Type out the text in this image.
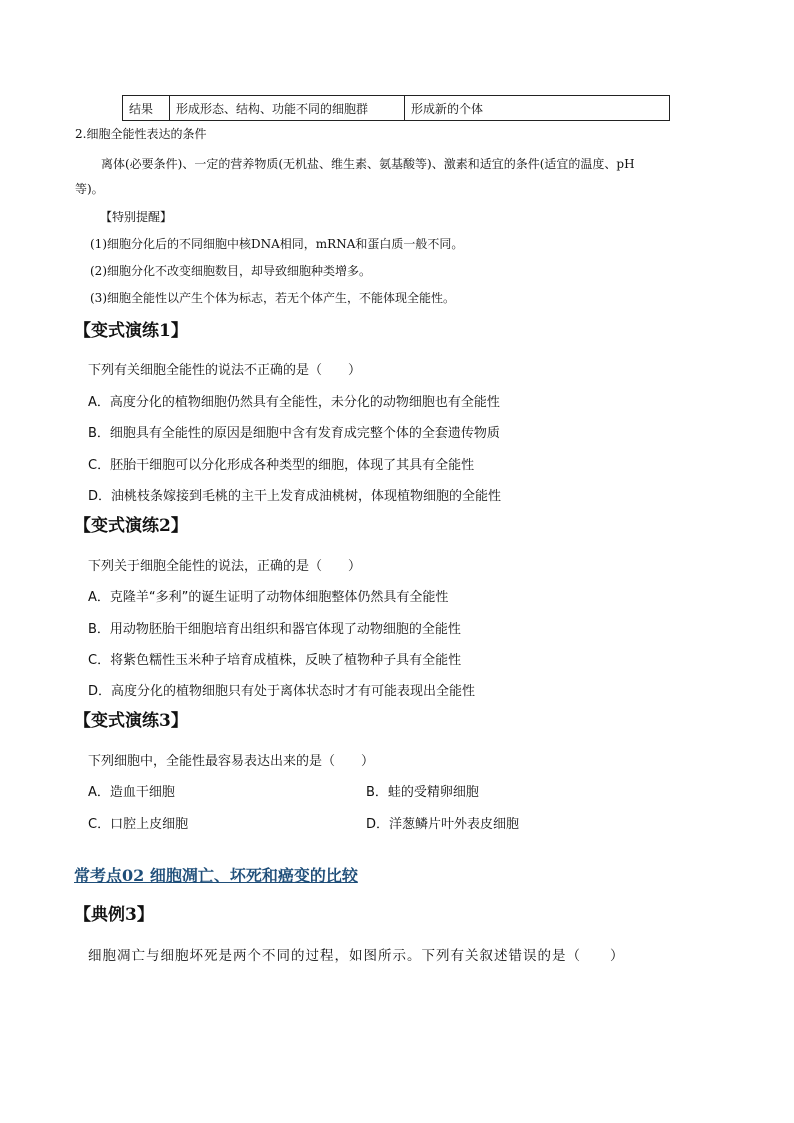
结果	形成形态、结构、功能不同的细胞群	形成新的个体
2.细胞全能性表达的条件
离体(必要条件)、一定的营养物质(无机盐、维生素、氨基酸等)、激素和适宜的条件(适宜的温度、pH
等)。
【特别提醒】
(1)细胞分化后的不同细胞中核DNA相同，mRNA和蛋白质一般不同。
(2)细胞分化不改变细胞数目，却导致细胞种类增多。
(3)细胞全能性以产生个体为标志，若无个体产生，不能体现全能性。
【变式演练1】
下列有关细胞全能性的说法不正确的是（　　）
A．高度分化的植物细胞仍然具有全能性，未分化的动物细胞也有全能性
B．细胞具有全能性的原因是细胞中含有发育成完整个体的全套遗传物质
C．胚胎干细胞可以分化形成各种类型的细胞，体现了其具有全能性
D．油桃枝条嫁接到毛桃的主干上发育成油桃树，体现植物细胞的全能性
【变式演练2】
下列关于细胞全能性的说法，正确的是（　　）
A．克隆羊“多利”的诞生证明了动物体细胞整体仍然具有全能性
B．用动物胚胎干细胞培育出组织和器官体现了动物细胞的全能性
C．将紫色糯性玉米种子培育成植株，反映了植物种子具有全能性
D．高度分化的植物细胞只有处于离体状态时才有可能表现出全能性
【变式演练3】
下列细胞中，全能性最容易表达出来的是（　　）
A．造血干细胞	B．蛙的受精卵细胞
C．口腔上皮细胞	D．洋葱鳞片叶外表皮细胞
常考点02 细胞凋亡、坏死和癌变的比较
【典例3】
细胞凋亡与细胞坏死是两个不同的过程，如图所示。下列有关叙述错误的是（　　）
